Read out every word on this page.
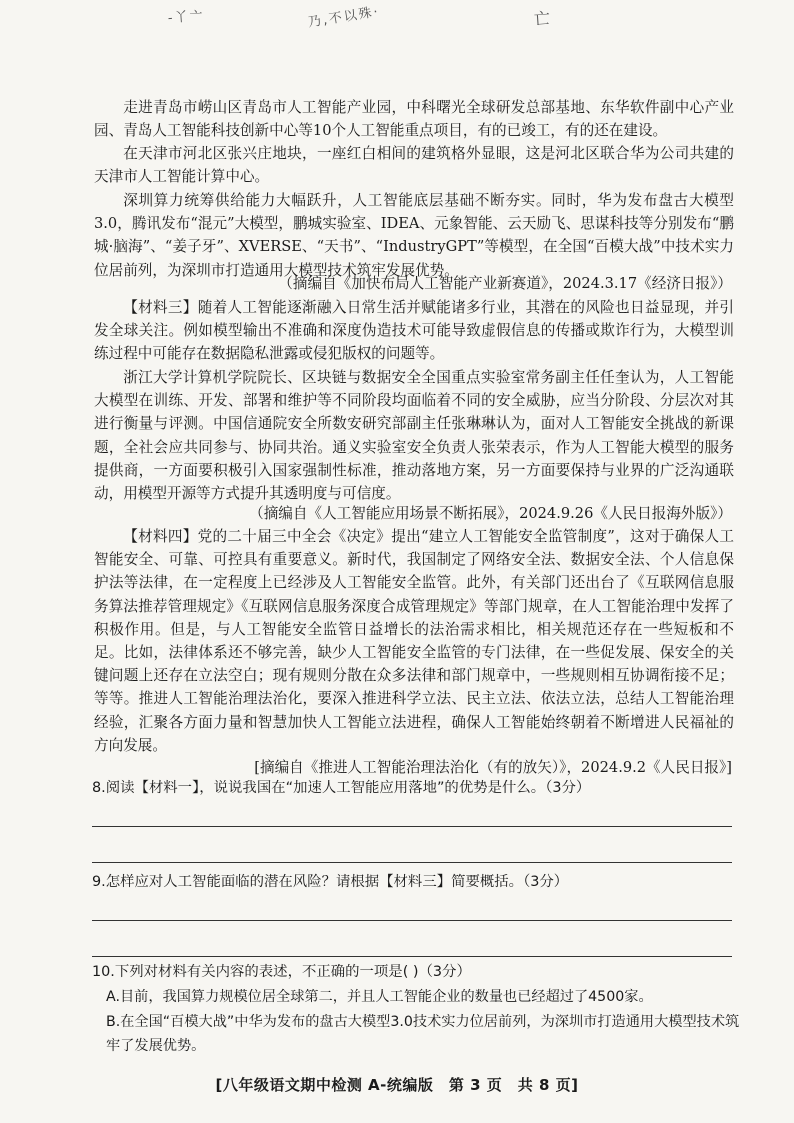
-丫亠	乃,不以殊·	亡

走进青岛市崂山区青岛市人工智能产业园，中科曙光全球研发总部基地、东华软件副中心产业园、青岛人工智能科技创新中心等10个人工智能重点项目，有的已竣工，有的还在建设。

在天津市河北区张兴庄地块，一座红白相间的建筑格外显眼，这是河北区联合华为公司共建的天津市人工智能计算中心。

深圳算力统筹供给能力大幅跃升，人工智能底层基础不断夯实。同时，华为发布盘古大模型3.0，腾讯发布“混元”大模型，鹏城实验室、IDEA、元象智能、云天励飞、思谋科技等分别发布“鹏城·脑海”、“姜子牙”、XVERSE、“天书”、“IndustryGPT”等模型，在全国“百模大战”中技术实力位居前列，为深圳市打造通用大模型技术筑牢发展优势。

（摘编自《加快布局人工智能产业新赛道》，2024.3.17《经济日报》）

【材料三】随着人工智能逐渐融入日常生活并赋能诸多行业，其潜在的风险也日益显现，并引发全球关注。例如模型输出不准确和深度伪造技术可能导致虚假信息的传播或欺诈行为，大模型训练过程中可能存在数据隐私泄露或侵犯版权的问题等。

浙江大学计算机学院院长、区块链与数据安全全国重点实验室常务副主任任奎认为，人工智能大模型在训练、开发、部署和维护等不同阶段均面临着不同的安全威胁，应当分阶段、分层次对其进行衡量与评测。中国信通院安全所数安研究部副主任张琳琳认为，面对人工智能安全挑战的新课题，全社会应共同参与、协同共治。通义实验室安全负责人张荣表示，作为人工智能大模型的服务提供商，一方面要积极引入国家强制性标准，推动落地方案，另一方面要保持与业界的广泛沟通联动，用模型开源等方式提升其透明度与可信度。

（摘编自《人工智能应用场景不断拓展》，2024.9.26《人民日报海外版》）

【材料四】党的二十届三中全会《决定》提出“建立人工智能安全监管制度”，这对于确保人工智能安全、可靠、可控具有重要意义。新时代，我国制定了网络安全法、数据安全法、个人信息保护法等法律，在一定程度上已经涉及人工智能安全监管。此外，有关部门还出台了《互联网信息服务算法推荐管理规定》《互联网信息服务深度合成管理规定》等部门规章，在人工智能治理中发挥了积极作用。但是，与人工智能安全监管日益增长的法治需求相比，相关规范还存在一些短板和不足。比如，法律体系还不够完善，缺少人工智能安全监管的专门法律，在一些促发展、保安全的关键问题上还存在立法空白；现有规则分散在众多法律和部门规章中，一些规则相互协调衔接不足；等等。推进人工智能治理法治化，要深入推进科学立法、民主立法、依法立法，总结人工智能治理经验，汇聚各方面力量和智慧加快人工智能立法进程，确保人工智能始终朝着不断增进人民福祉的方向发展。

[摘编自《推进人工智能治理法治化（有的放矢）》，2024.9.2《人民日报》]

8.阅读【材料一】，说说我国在“加速人工智能应用落地”的优势是什么。（3分）

9.怎样应对人工智能面临的潜在风险？请根据【材料三】简要概括。（3分）

10.下列对材料有关内容的表述，不正确的一项是( )（3分）

A.目前，我国算力规模位居全球第二，并且人工智能企业的数量也已经超过了4500家。

B.在全国“百模大战”中华为发布的盘古大模型3.0技术实力位居前列，为深圳市打造通用大模型技术筑牢了发展优势。

[八年级语文期中检测 A-统编版　第 3 页　共 8 页]
